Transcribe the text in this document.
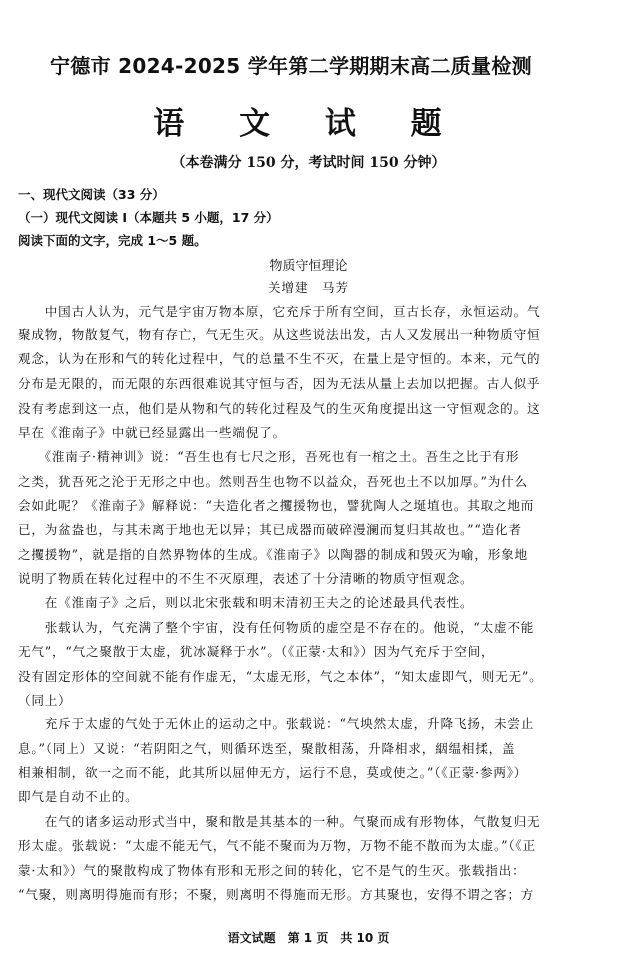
宁德市 2024-2025 学年第二学期期末高二质量检测
语 文 试 题
（本卷满分 150 分，考试时间 150 分钟）
一、现代文阅读（33 分）
（一）现代文阅读 I（本题共 5 小题，17 分）
阅读下面的文字，完成 1～5 题。
物质守恒理论
关增建　马芳
　　中国古人认为，元气是宇宙万物本原，它充斥于所有空间，亘古长存，永恒运动。气
聚成物，物散复气，物有存亡，气无生灭。从这些说法出发，古人又发展出一种物质守恒
观念，认为在形和气的转化过程中，气的总量不生不灭，在量上是守恒的。本来，元气的
分布是无限的，而无限的东西很难说其守恒与否，因为无法从量上去加以把握。古人似乎
没有考虑到这一点，他们是从物和气的转化过程及气的生灭角度提出这一守恒观念的。这
早在《淮南子》中就已经显露出一些端倪了。
　　《淮南子·精神训》说：“吾生也有七尺之形，吾死也有一棺之土。吾生之比于有形
之类，犹吾死之沦于无形之中也。然则吾生也物不以益众，吾死也土不以加厚。”为什么
会如此呢？《淮南子》解释说：“夫造化者之攫援物也，譬犹陶人之埏埴也。其取之地而
已，为盆盎也，与其未离于地也无以异；其已成器而破碎漫澜而复归其故也。”“造化者
之攫援物”，就是指的自然界物体的生成。《淮南子》以陶器的制成和毁灭为喻，形象地
说明了物质在转化过程中的不生不灭原理，表述了十分清晰的物质守恒观念。
　　在《淮南子》之后，则以北宋张载和明末清初王夫之的论述最具代表性。
　　张载认为，气充满了整个宇宙，没有任何物质的虚空是不存在的。他说，“太虚不能
无气”，“气之聚散于太虚，犹冰凝释于水”。（《正蒙·太和》）因为气充斥于空间，
没有固定形体的空间就不能有作虚无，“太虚无形，气之本体”，“知太虚即气，则无无”。
（同上）
　　充斥于太虚的气处于无休止的运动之中。张载说：“气坱然太虚，升降飞扬，未尝止
息。”（同上）又说：“若阴阳之气，则循环迭至，聚散相荡，升降相求，絪缊相揉，盖
相兼相制，欲一之而不能，此其所以屈伸无方，运行不息，莫或使之。”（《正蒙·参两》）
即气是自动不止的。
　　在气的诸多运动形式当中，聚和散是其基本的一种。气聚而成有形物体，气散复归无
形太虚。张载说：“太虚不能无气，气不能不聚而为万物，万物不能不散而为太虚。”（《正
蒙·太和》）气的聚散构成了物体有形和无形之间的转化，它不是气的生灭。张载指出：
“气聚，则离明得施而有形；不聚，则离明不得施而无形。方其聚也，安得不谓之客；方
语文试题　第 1 页　共 10 页
